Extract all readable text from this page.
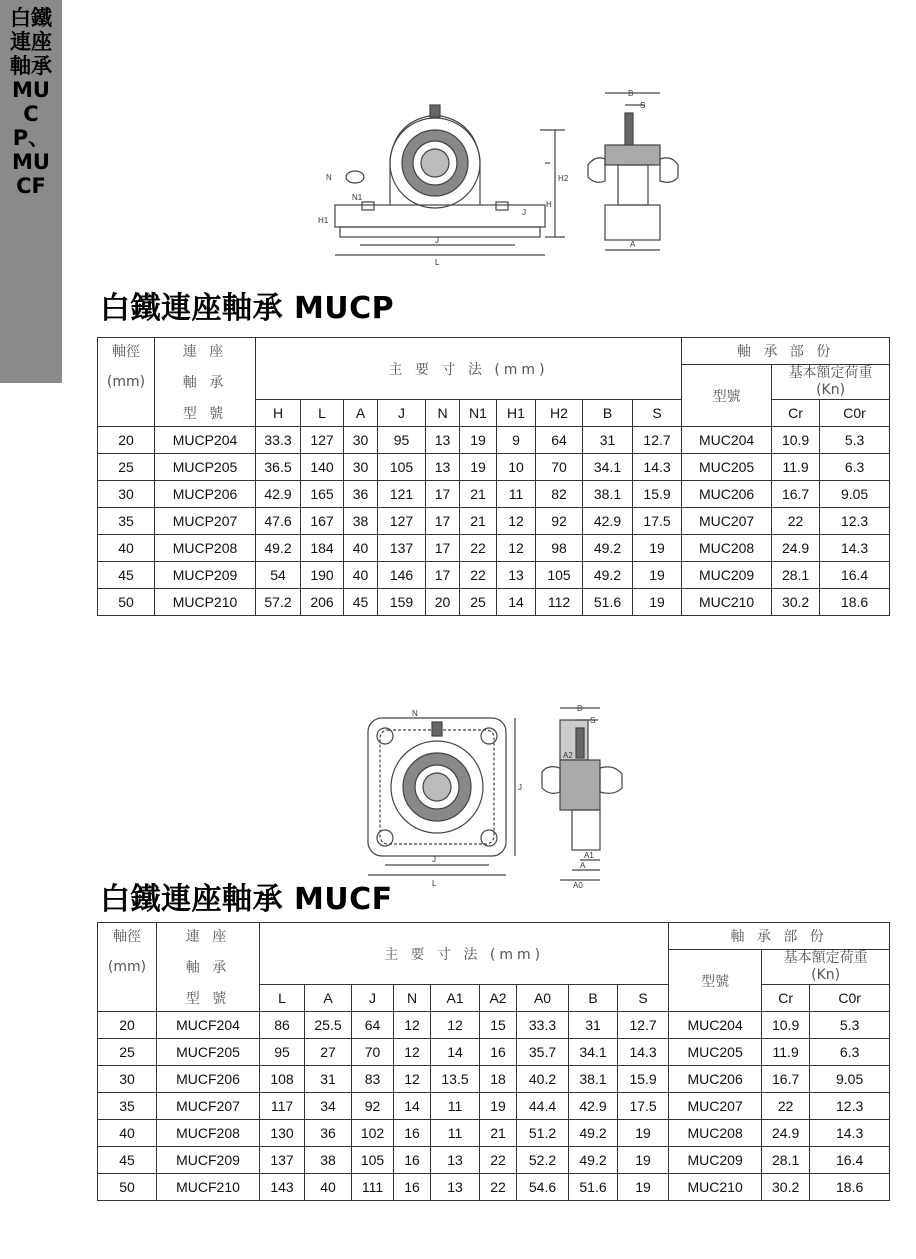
白鐵連座軸承MUCP、MUCF	N
N1
H1
J
J
L
H2
H
B
S
A
白鐵連座軸承 MUCP
軸徑	連 座	主 要 寸 法 (mm)										軸 承 部 份		
(mm)	軸 承											型號	基本額定荷重
(Kn)	
	型 號	H	L	A	J	N	N1	H1	H2	B	S		Cr	C0r
20	MUCP204	33.3	127	30	95	13	19	9	64	31	12.7	MUC204	10.9	5.3
25	MUCP205	36.5	140	30	105	13	19	10	70	34.1	14.3	MUC205	11.9	6.3
30	MUCP206	42.9	165	36	121	17	21	11	82	38.1	15.9	MUC206	16.7	9.05
35	MUCP207	47.6	167	38	127	17	21	12	92	42.9	17.5	MUC207	22	12.3
40	MUCP208	49.2	184	40	137	17	22	12	98	49.2	19	MUC208	24.9	14.3
45	MUCP209	54	190	40	146	17	22	13	105	49.2	19	MUC209	28.1	16.4
50	MUCP210	57.2	206	45	159	20	25	14	112	51.6	19	MUC210	30.2	18.6
N
J
L
J
B
S
A2
A1
A
A0
白鐵連座軸承 MUCF
軸徑	連 座	主 要 寸 法 (mm)									軸 承 部 份		
(mm)	軸 承										型號	基本額定荷重
(Kn)	
	型 號	L	A	J	N	A1	A2	A0	B	S		Cr	C0r
20	MUCF204	86	25.5	64	12	12	15	33.3	31	12.7	MUC204	10.9	5.3
25	MUCF205	95	27	70	12	14	16	35.7	34.1	14.3	MUC205	11.9	6.3
30	MUCF206	108	31	83	12	13.5	18	40.2	38.1	15.9	MUC206	16.7	9.05
35	MUCF207	117	34	92	14	11	19	44.4	42.9	17.5	MUC207	22	12.3
40	MUCF208	130	36	102	16	11	21	51.2	49.2	19	MUC208	24.9	14.3
45	MUCF209	137	38	105	16	13	22	52.2	49.2	19	MUC209	28.1	16.4
50	MUCF210	143	40	111	16	13	22	54.6	51.6	19	MUC210	30.2	18.6
